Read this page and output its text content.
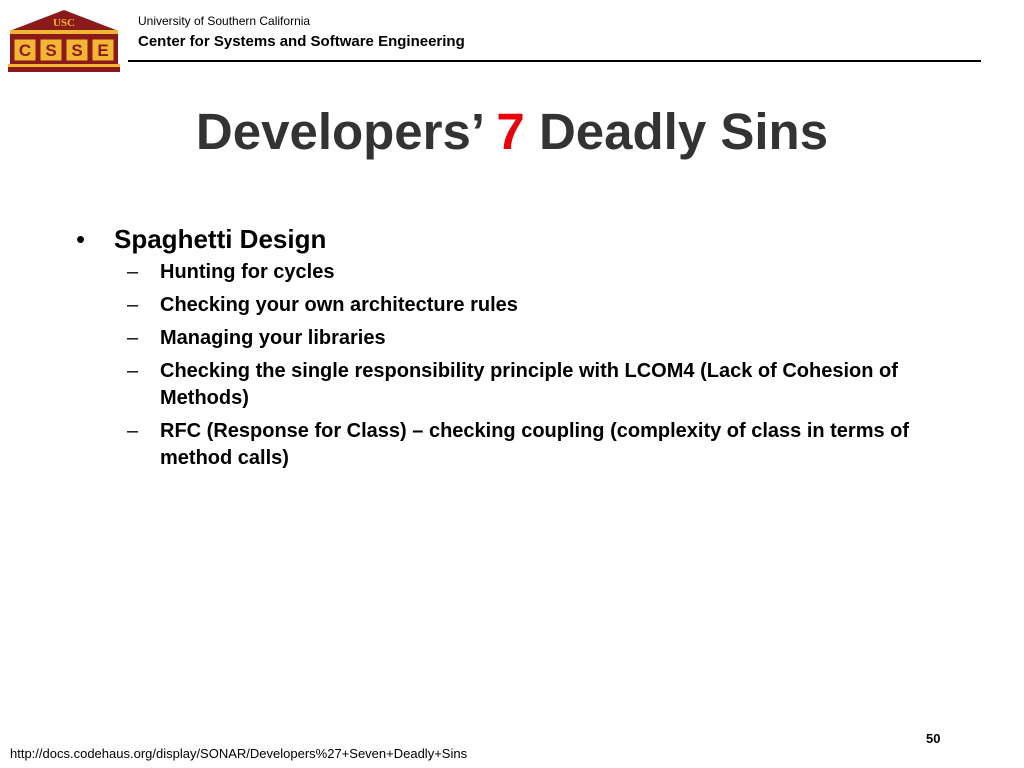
USC
C S S E
University of Southern California
Center for Systems and Software Engineering
Developers’ 7 Deadly Sins
•	Spaghetti Design
–	Hunting for cycles
–	Checking your own architecture rules
–	Managing your libraries
–	Checking the single responsibility principle with LCOM4 (Lack of Cohesion of Methods)
–	RFC (Response for Class) – checking coupling (complexity of class in terms of method calls)
50
http://docs.codehaus.org/display/SONAR/Developers%27+Seven+Deadly+Sins
